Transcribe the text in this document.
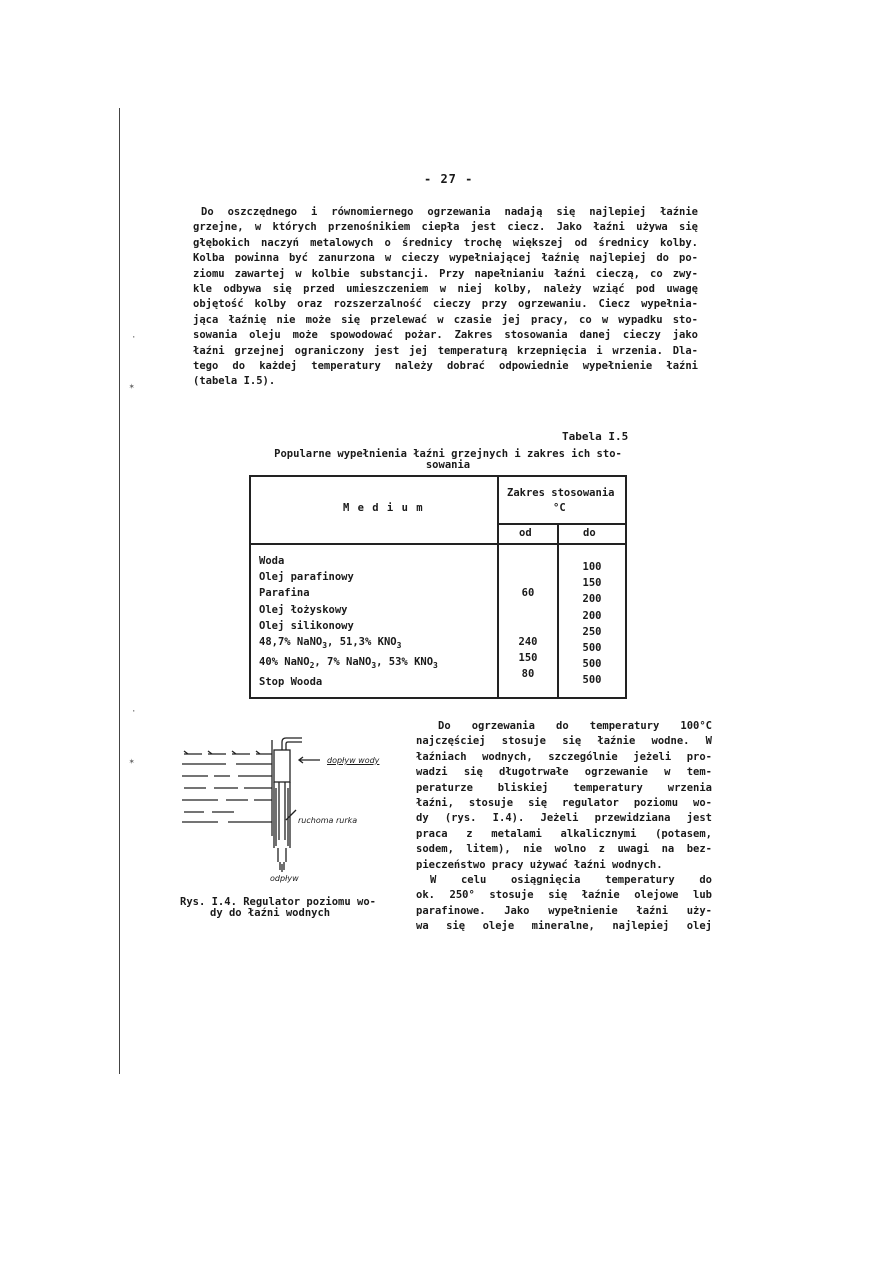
·
✶
·
✶
- 27 -
Do oszczędnego i równomiernego ogrzewania nadają się najlepiej łaźnie
grzejne, w których przenośnikiem ciepła jest ciecz. Jako łaźni używa się
głębokich naczyń metalowych o średnicy trochę większej od średnicy kolby.
Kolba powinna być zanurzona w cieczy wypełniającej łaźnię najlepiej do po-
ziomu zawartej w kolbie substancji. Przy napełnianiu łaźni cieczą, co zwy-
kle odbywa się przed umieszczeniem w niej kolby, należy wziąć pod uwagę
objętość kolby oraz rozszerzalność cieczy przy ogrzewaniu. Ciecz wypełnia-
jąca łaźnię nie może się przelewać w czasie jej pracy, co w wypadku sto-
sowania oleju może spowodować pożar. Zakres stosowania danej cieczy jako
łaźni grzejnej ograniczony jest jej temperaturą krzepnięcia i wrzenia. Dla-
tego do każdej temperatury należy dobrać odpowiednie wypełnienie łaźni
(tabela I.5).
Tabela I.5
Popularne wypełnienia łaźni grzejnych i zakres ich sto-
sowania
M e d i u m
Zakres stosowania
°C
od	do
Woda
Olej parafinowy
Parafina
Olej łożyskowy
Olej silikonowy
48,7% NaNO$_3$, 51,3% $KNO_3$
40% NaNO$_2$, 7% NaNO$_3$, 53% $KNO_3$
Stop Wooda
60
240
150
80
100
150
200
200
250
500
500
500
dopływ wody
ruchoma rurka
odpływ
Rys. I.4. Regulator poziomu wo-
dy do łaźni wodnych
Do ogrzewania do temperatury 100°C
najczęściej stosuje się łaźnie wodne. W
łaźniach wodnych, szczególnie jeżeli pro-
wadzi się długotrwałe ogrzewanie w tem-
peraturze bliskiej temperatury wrzenia
łaźni, stosuje się regulator poziomu wo-
dy (rys. I.4). Jeżeli przewidziana jest
praca z metalami alkalicznymi (potasem,
sodem, litem), nie wolno z uwagi na bez-
pieczeństwo pracy używać łaźni wodnych.
W celu osiągnięcia temperatury do
ok. 250° stosuje się łaźnie olejowe lub
parafinowe. Jako wypełnienie łaźni uży-
wa się oleje mineralne, najlepiej olej
